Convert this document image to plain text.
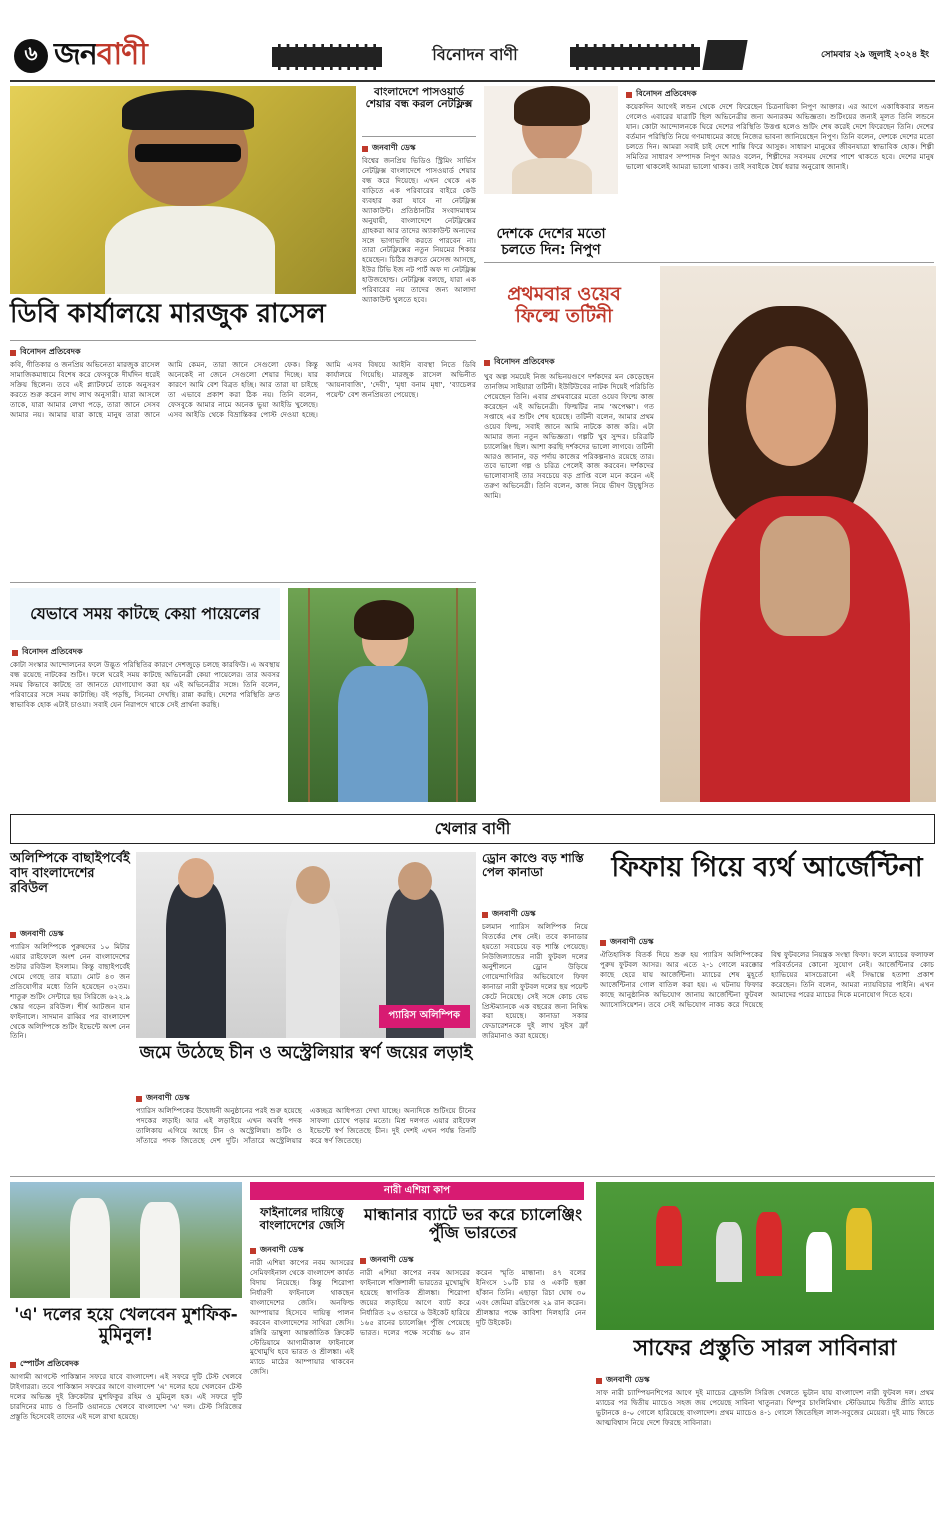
৬ জনবাণী	বিনোদন বাণী	সোমবার ২৯ জুলাই ২০২৪ ইং
বাংলাদেশে পাসওয়ার্ড শেয়ার বন্ধ করল নেটফ্লিক্স
জনবাণী ডেস্ক
বিশ্বের জনপ্রিয় ভিডিও স্ট্রিমিং সার্ভিস নেটফ্লিক্স বাংলাদেশে পাসওয়ার্ড শেয়ার বন্ধ করে দিয়েছে। এখন থেকে এক বাড়িতে এক পরিবারের বাইরে কেউ ব্যবহার করা যাবে না নেটফ্লিক্স অ্যাকাউন্ট। প্রতিষ্ঠানটির সংবাদমাধ্যম অনুযায়ী, বাংলাদেশে নেটফ্লিক্সের গ্রাহকরা আর তাদের অ্যাকাউন্ট অন্যদের সঙ্গে ভাগাভাগি করতে পারবেন না। তারা নেটফ্লিক্সের নতুন নিয়মের শিকার হয়েছেন। চিঠির শুরুতে মেসেজ আসছে, ইউর টিভি ইজ নট পার্ট অফ দ্য নেটফ্লিক্স হাউজহোল্ড। নেটফ্লিক্স বলছে, যারা এক পরিবারের নয় তাদের জন্য আলাদা অ্যাকাউন্ট খুলতে হবে।
দেশকে দেশের মতো চলতে দিন: নিপুণ
বিনোদন প্রতিবেদক
কয়েকদিন আগেই লন্ডন থেকে দেশে ফিরেছেন চিত্রনায়িকা নিপুণ আক্তার। এর আগে একাধিকবার লন্ডন গেলেও এবারের যাত্রাটি ছিল অভিনেত্রীর জন্য অন্যরকম অভিজ্ঞতা। শুটিংয়ের জন্যই মূলত তিনি লন্ডনে যান। কোটা আন্দোলনকে ঘিরে দেশের পরিস্থিতি উত্তপ্ত হলেও শুটিং শেষ করেই দেশে ফিরেছেন তিনি। দেশের বর্তমান পরিস্থিতি নিয়ে গণমাধ্যমের কাছে নিজের ভাবনা জানিয়েছেন নিপুণ। তিনি বলেন, দেশকে দেশের মতো চলতে দিন। আমরা সবাই চাই দেশে শান্তি ফিরে আসুক। সাধারণ মানুষের জীবনযাত্রা স্বাভাবিক হোক। শিল্পী সমিতির সাধারণ সম্পাদক নিপুণ আরও বলেন, শিল্পীদের সবসময় দেশের পাশে থাকতে হবে। দেশের মানুষ ভালো থাকলেই আমরা ভালো থাকব। তাই সবাইকে ধৈর্য ধরার অনুরোধ জানাই।
প্রথমবার ওয়েব ফিল্মে তটিনী
বিনোদন প্রতিবেদক
খুব অল্প সময়েই নিজ অভিনয়গুণে দর্শকদের মন কেড়েছেন তানজিম সাইয়ারা তটিনী। ইউটিউবের নাটক দিয়েই পরিচিতি পেয়েছেন তিনি। এবার প্রথমবারের মতো ওয়েব ফিল্মে কাজ করেছেন এই অভিনেত্রী। ফিল্মটির নাম 'অপেক্ষা'। গত সপ্তাহে এর শুটিং শেষ হয়েছে। তটিনী বলেন, আমার প্রথম ওয়েব ফিল্ম, সবাই জানে আমি নাটকে কাজ করি। এটা আমার জন্য নতুন অভিজ্ঞতা। গল্পটি খুব সুন্দর। চরিত্রটি চ্যালেঞ্জিং ছিল। আশা করছি দর্শকদের ভালো লাগবে। তটিনী আরও জানান, বড় পর্দায় কাজের পরিকল্পনাও রয়েছে তার। তবে ভালো গল্প ও চরিত্র পেলেই কাজ করবেন। দর্শকদের ভালোবাসাই তার সবচেয়ে বড় প্রাপ্তি বলে মনে করেন এই তরুণ অভিনেত্রী। তিনি বলেন, কাজ নিয়ে ভীষণ উচ্ছ্বসিত আমি।
ডিবি কার্যালয়ে মারজুক রাসেল
বিনোদন প্রতিবেদক
কবি, গীতিকার ও জনপ্রিয় অভিনেতা মারজুক রাসেল সামাজিকমাধ্যমে বিশেষ করে ফেসবুকে দীর্ঘদিন ধরেই সক্রিয় ছিলেন। তবে এই প্ল্যাটফর্মে তাকে অনুসরণ করতে শুরু করেন লাখ লাখ অনুসারী। যারা আসলে তাকে, যারা আমার লেখা পড়ে, তারা জানে সেসব আমার নয়। আমার যারা কাছে মানুষ তারা জানে আমি কেমন, তারা জানে সেগুলো ফেক। কিন্তু অনেকেই না জেনে সেগুলো শেয়ার দিচ্ছে। যার কারণে আমি বেশ বিব্রত হচ্ছি। আর তারা যা চাইছে তা এভাবে প্রকাশ করা ঠিক নয়। তিনি বলেন, ফেসবুকে আমার নামে অনেক ভুয়া আইডি খুলেছে। এসব আইডি থেকে বিভ্রান্তিকর পোস্ট দেওয়া হচ্ছে। আমি এসব বিষয়ে আইনি ব্যবস্থা নিতে ডিবি কার্যালয়ে গিয়েছি। মারজুক রাসেল অভিনীত 'আয়নাবাজি', 'দেবী', 'মৃধা বনাম মৃধা', 'ব্যাচেলর পয়েন্ট' বেশ জনপ্রিয়তা পেয়েছে।
যেভাবে সময় কাটছে কেয়া পায়েলের
বিনোদন প্রতিবেদক
কোটা সংস্কার আন্দোলনের ফলে উদ্ভূত পরিস্থিতির কারণে দেশজুড়ে চলছে কারফিউ। এ অবস্থায় বন্ধ রয়েছে নাটকের শুটিং। ফলে ঘরেই সময় কাটছে অভিনেত্রী কেয়া পায়েলের। তার অবসর সময় কিভাবে কাটছে তা জানতে যোগাযোগ করা হয় এই অভিনেত্রীর সঙ্গে। তিনি বলেন, পরিবারের সঙ্গে সময় কাটাচ্ছি। বই পড়ছি, সিনেমা দেখছি। রান্না করছি। দেশের পরিস্থিতি দ্রুত স্বাভাবিক হোক এটাই চাওয়া। সবাই যেন নিরাপদে থাকে সেই প্রার্থনা করছি।
খেলার বাণী
অলিম্পিকে বাছাইপর্বেই বাদ বাংলাদেশের রবিউল
জনবাণী ডেস্ক
প্যারিস অলিম্পিকে পুরুষদের ১০ মিটার এয়ার রাইফেলে অংশ নেন বাংলাদেশের শুটার রবিউল ইসলাম। কিন্তু বাছাইপর্বেই থেমে গেছে তার যাত্রা। মোট ৪৩ জন প্রতিযোগীর মধ্যে তিনি হয়েছেন ৩২তম। শাতুরু শুটিং সেন্টারে ছয় সিরিজে ৬২২.৯ স্কোর গড়েন রবিউল। শীর্ষ আটজন যান ফাইনালে। সাদমান রাব্বির পর বাংলাদেশ থেকে অলিম্পিকে শুটিং ইভেন্টে অংশ নেন তিনি।
প্যারিস অলিম্পিক
জমে উঠেছে চীন ও অস্ট্রেলিয়ার স্বর্ণ জয়ের লড়াই
জনবাণী ডেস্ক
প্যারিস অলিম্পিকের উদ্বোধনী অনুষ্ঠানের পরই শুরু হয়েছে পদকের লড়াই। আর এই লড়াইয়ে এখন অবধি পদক তালিকায় এগিয়ে আছে চীন ও অস্ট্রেলিয়া। শুটিং ও সাঁতারে পদক জিতেছে দেশ দুটি। সাঁতারে অস্ট্রেলিয়ার একচ্ছত্র আধিপত্য দেখা যাচ্ছে। অন্যদিকে শুটিংয়ে চীনের সাফল্য চোখে পড়ার মতো। মিশ্র দলগত এয়ার রাইফেল ইভেন্টে স্বর্ণ জিতেছে চীন। দুই দেশই এখন পর্যন্ত তিনটি করে স্বর্ণ জিতেছে।
ড্রোন কাণ্ডে বড় শাস্তি পেল কানাডা
জনবাণী ডেস্ক
চলমান প্যারিস অলিম্পিক নিয়ে বিতর্কের শেষ নেই। তবে কানাডার হয়তো সবচেয়ে বড় শাস্তি পেয়েছে। নিউজিল্যান্ডের নারী ফুটবল দলের অনুশীলনে ড্রোন উড়িয়ে গোয়েন্দাগিরির অভিযোগে ফিফা কানাডা নারী ফুটবল দলের ছয় পয়েন্ট কেটে নিয়েছে। সেই সঙ্গে কোচ বেভ প্রিস্টম্যানকে এক বছরের জন্য নিষিদ্ধ করা হয়েছে। কানাডা সকার ফেডারেশনকে দুই লাখ সুইস ফ্রাঁ জরিমানাও করা হয়েছে।
ফিফায় গিয়ে ব্যর্থ আর্জেন্টিনা
জনবাণী ডেস্ক
ঐতিহাসিক বিতর্ক দিয়ে শুরু হয় প্যারিস অলিম্পিকের পুরুষ ফুটবল আসর। আর এতে ২-১ গোলে মরক্কোর কাছে হেরে যায় আর্জেন্টিনা। ম্যাচের শেষ মুহূর্তে আর্জেন্টিনার গোল বাতিল করা হয়। এ ঘটনায় ফিফার কাছে আনুষ্ঠানিক অভিযোগ জানায় আর্জেন্টিনা ফুটবল অ্যাসোসিয়েশন। তবে সেই অভিযোগ নাকচ করে দিয়েছে বিশ্ব ফুটবলের নিয়ন্ত্রক সংস্থা ফিফা। ফলে ম্যাচের ফলাফল পরিবর্তনের কোনো সুযোগ নেই। আর্জেন্টিনার কোচ হ্যাভিয়ের মাসচেরানো এই সিদ্ধান্তে হতাশা প্রকাশ করেছেন। তিনি বলেন, আমরা ন্যায়বিচার পাইনি। এখন আমাদের পরের ম্যাচের দিকে মনোযোগ দিতে হবে।
'এ' দলের হয়ে খেলবেন মুশফিক-মুমিনুল!
স্পোর্টস প্রতিবেদক
আগামী আগস্টে পাকিস্তান সফরে যাবে বাংলাদেশ। এই সফরে দুটি টেস্ট খেলবে টাইগাররা। তবে পাকিস্তান সফরের আগে বাংলাদেশ 'এ' দলের হয়ে খেলবেন টেস্ট দলের অভিজ্ঞ দুই ক্রিকেটার মুশফিকুর রহিম ও মুমিনুল হক। এই সফরে দুটি চারদিনের ম্যাচ ও তিনটি ওয়ানডে খেলবে বাংলাদেশ 'এ' দল। টেস্ট সিরিজের প্রস্তুতি হিসেবেই তাদের এই দলে রাখা হয়েছে।
নারী এশিয়া কাপ
ফাইনালের দায়িত্বে বাংলাদেশের জেসি
জনবাণী ডেস্ক
নারী এশিয়া কাপের নবম আসরের সেমিফাইনাল থেকে বাংলাদেশ কার্যত বিদায় নিয়েছে। কিন্তু শিরোপা নির্ধারণী ফাইনালে থাকছেন বাংলাদেশের জেসি। অনফিল্ড আম্পায়ার হিসেবে দায়িত্ব পালন করবেন বাংলাদেশের সাথিরা জেসি। রঙ্গিরি ডাম্বুলা আন্তর্জাতিক ক্রিকেট স্টেডিয়ামে আগামীকাল ফাইনালে মুখোমুখি হবে ভারত ও শ্রীলঙ্কা। এই ম্যাচে মাঠের আম্পায়ার থাকবেন জেসি।
মান্ধানার ব্যাটে ভর করে চ্যালেঞ্জিং পুঁজি ভারতের
জনবাণী ডেস্ক
নারী এশিয়া কাপের নবম আসরের ফাইনালে শক্তিশালী ভারতের মুখোমুখি হয়েছে স্বাগতিক শ্রীলঙ্কা। শিরোপা জয়ের লড়াইয়ে আগে ব্যাট করে নির্ধারিত ২০ ওভারে ৬ উইকেট হারিয়ে ১৬৫ রানের চ্যালেঞ্জিং পুঁজি পেয়েছে ভারত। দলের পক্ষে সর্বোচ্চ ৬০ রান করেন স্মৃতি মান্ধানা। ৪৭ বলের ইনিংসে ১০টি চার ও একটি ছক্কা হাঁকান তিনি। এছাড়া রিচা ঘোষ ৩০ এবং জেমিমা রদ্রিগেজ ২৯ রান করেন। শ্রীলঙ্কার পক্ষে কাবিশা দিলহারি নেন দুটি উইকেট।
সাফের প্রস্তুতি সারল সাবিনারা
জনবাণী ডেস্ক
সাফ নারী চ্যাম্পিয়নশিপের আগে দুই ম্যাচের ফ্রেন্ডলি সিরিজ খেলতে ভুটান যায় বাংলাদেশ নারী ফুটবল দল। প্রথম ম্যাচের পর দ্বিতীয় ম্যাচেও সহজ জয় পেয়েছে সাবিনা খাতুনরা। থিম্পুর চাংলিমিথাং স্টেডিয়ামে দ্বিতীয় প্রীতি ম্যাচে ভুটানকে ৪-০ গোলে হারিয়েছে বাংলাদেশ। প্রথম ম্যাচেও ৪-১ গোলে জিতেছিল লাল-সবুজের মেয়েরা। দুই ম্যাচ জিতে আত্মবিশ্বাস নিয়ে দেশে ফিরছে সাবিনারা।
